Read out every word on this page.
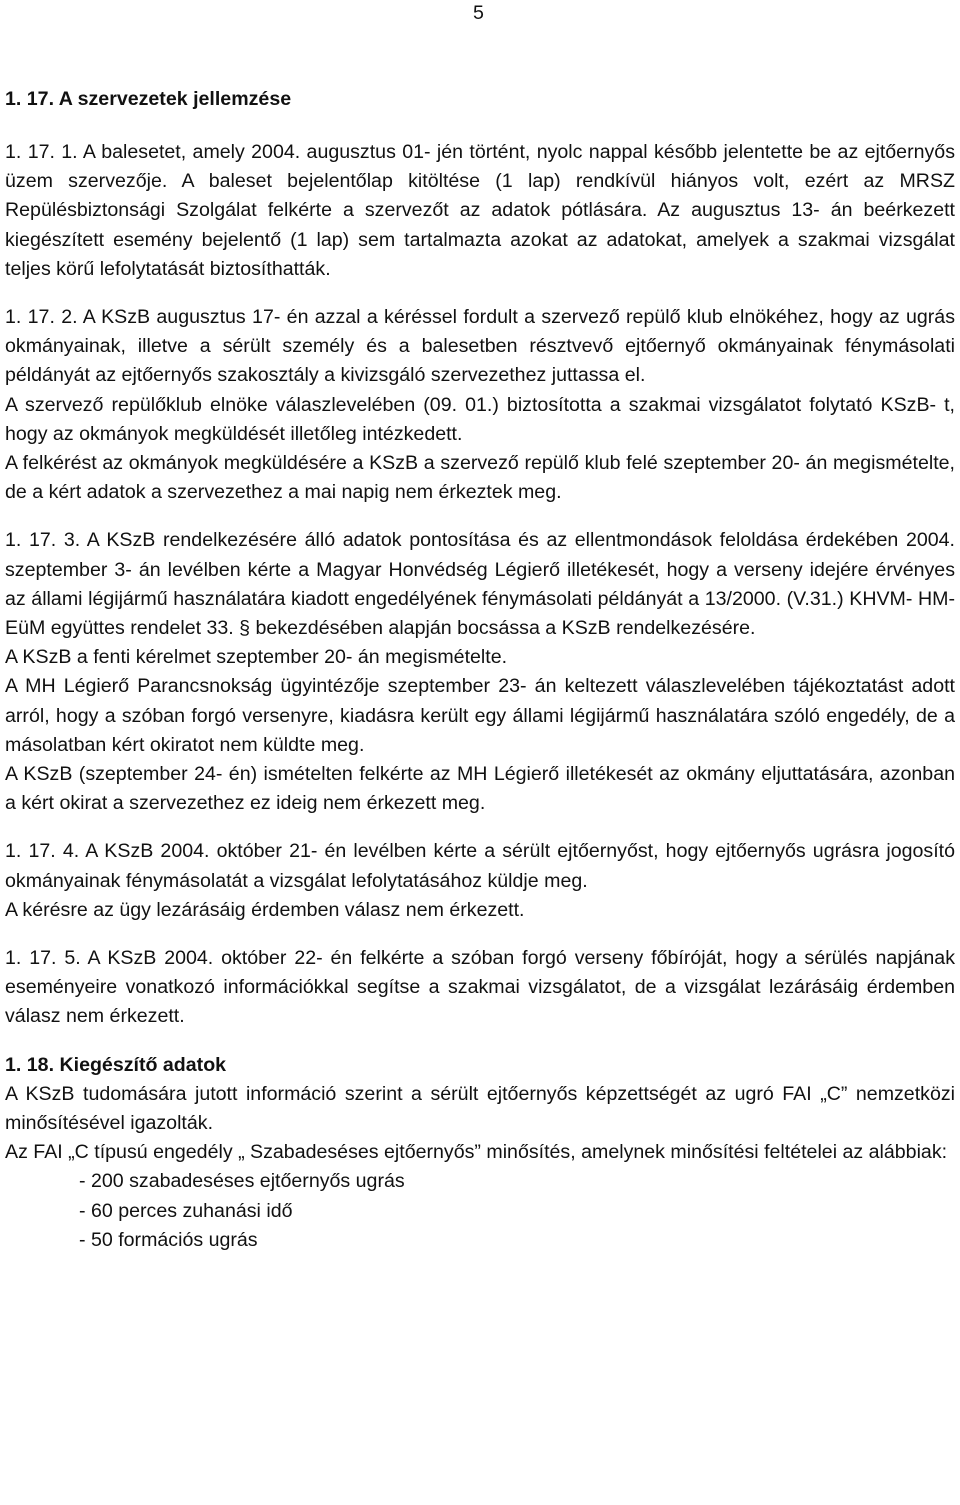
5

1. 17. A szervezetek jellemzése

1. 17. 1. A balesetet, amely 2004. augusztus 01- jén történt, nyolc nappal később jelentette be az ejtőernyős üzem szervezője. A baleset bejelentőlap kitöltése (1 lap) rendkívül hiányos volt, ezért az MRSZ Repülésbiztonsági Szolgálat felkérte a szervezőt az adatok pótlására. Az augusztus 13- án beérkezett kiegészített esemény bejelentő (1 lap) sem tartalmazta azokat az adatokat, amelyek a szakmai vizsgálat teljes körű lefolytatását biztosíthatták.

1. 17. 2. A KSzB augusztus 17- én azzal a kéréssel fordult a szervező repülő klub elnökéhez, hogy az ugrás okmányainak, illetve a sérült személy és a balesetben résztvevő ejtőernyő okmányainak fénymásolati példányát az ejtőernyős szakosztály a kivizsgáló szervezethez juttassa el.

A szervező repülőklub elnöke válaszlevelében (09. 01.) biztosította a szakmai vizsgálatot folytató KSzB- t, hogy az okmányok megküldését illetőleg intézkedett.

A felkérést az okmányok megküldésére a KSzB a szervező repülő klub felé szeptember 20- án megismételte, de a kért adatok a szervezethez a mai napig nem érkeztek meg.

1. 17. 3. A KSzB rendelkezésére álló adatok pontosítása és az ellentmondások feloldása érdekében 2004. szeptember 3- án levélben kérte a Magyar Honvédség Légierő illetékesét, hogy a verseny idejére érvényes az állami légijármű használatára kiadott engedélyének fénymásolati példányát a 13/2000. (V.31.) KHVM- HM- EüM együttes rendelet 33. § bekezdésében alapján bocsássa a KSzB rendelkezésére.

A KSzB a fenti kérelmet szeptember 20- án megismételte.

A MH Légierő Parancsnokság ügyintézője szeptember 23- án keltezett válaszlevelében tájékoztatást adott arról, hogy a szóban forgó versenyre, kiadásra került egy állami légijármű használatára szóló engedély, de a másolatban kért okiratot nem küldte meg.

A KSzB (szeptember 24- én) ismételten felkérte az MH Légierő illetékesét az okmány eljuttatására, azonban a kért okirat a szervezethez ez ideig nem érkezett meg.

1. 17. 4. A KSzB 2004. október 21- én levélben kérte a sérült ejtőernyőst, hogy ejtőernyős ugrásra jogosító okmányainak fénymásolatát a vizsgálat lefolytatásához küldje meg.

A kérésre az ügy lezárásáig érdemben válasz nem érkezett.

1. 17. 5. A KSzB 2004. október 22- én felkérte a szóban forgó verseny főbíróját, hogy a sérülés napjának eseményeire vonatkozó információkkal segítse a szakmai vizsgálatot, de a vizsgálat lezárásáig érdemben válasz nem érkezett.

1. 18. Kiegészítő adatok

A KSzB tudomására jutott információ szerint a sérült ejtőernyős képzettségét az ugró FAI „C” nemzetközi minősítésével igazolták.

Az FAI „C típusú engedély „ Szabadeséses ejtőernyős” minősítés, amelynek minősítési feltételei az alábbiak:

- 200 szabadeséses ejtőernyős ugrás
- 60 perces zuhanási idő
- 50 formációs ugrás
